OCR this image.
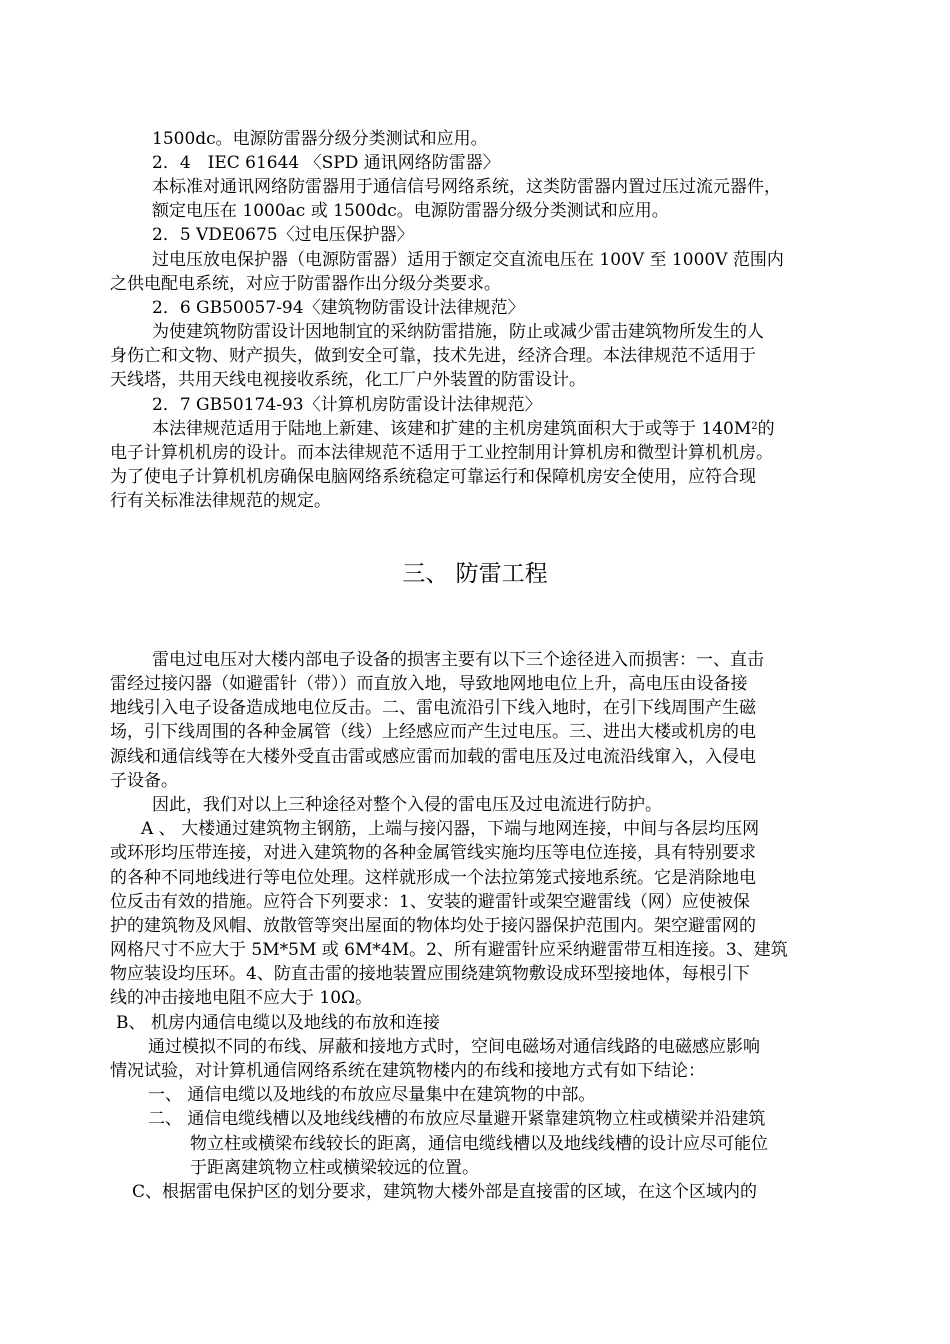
1500dc。电源防雷器分级分类测试和应用。
2．4　IEC 61644 〈SPD 通讯网络防雷器〉
本标准对通讯网络防雷器用于通信信号网络系统，这类防雷器内置过压过流元器件，
额定电压在 1000ac 或 1500dc。电源防雷器分级分类测试和应用。
2．5 VDE0675〈过电压保护器〉
过电压放电保护器（电源防雷器）适用于额定交直流电压在 100V 至 1000V 范围内
之供电配电系统，对应于防雷器作出分级分类要求。
2．6 GB50057-94〈建筑物防雷设计法律规范〉
为使建筑物防雷设计因地制宜的采纳防雷措施，防止或减少雷击建筑物所发生的人
身伤亡和文物、财产损失，做到安全可靠，技术先进，经济合理。本法律规范不适用于
天线塔，共用天线电视接收系统，化工厂户外装置的防雷设计。
2．7 GB50174-93〈计算机房防雷设计法律规范〉
本法律规范适用于陆地上新建、该建和扩建的主机房建筑面积大于或等于 $140M^2$的
电子计算机机房的设计。而本法律规范不适用于工业控制用计算机房和微型计算机机房。
为了使电子计算机机房确保电脑网络系统稳定可靠运行和保障机房安全使用，应符合现
行有关标准法律规范的规定。
三、 防雷工程
雷电过电压对大楼内部电子设备的损害主要有以下三个途径进入而损害：一、直击
雷经过接闪器（如避雷针（带））而直放入地，导致地网地电位上升，高电压由设备接
地线引入电子设备造成地电位反击。二、雷电流沿引下线入地时，在引下线周围产生磁
场，引下线周围的各种金属管（线）上经感应而产生过电压。三、进出大楼或机房的电
源线和通信线等在大楼外受直击雷或感应雷而加载的雷电压及过电流沿线窜入，入侵电
子设备。
因此，我们对以上三种途径对整个入侵的雷电压及过电流进行防护。
A 、 大楼通过建筑物主钢筋，上端与接闪器，下端与地网连接，中间与各层均压网
或环形均压带连接，对进入建筑物的各种金属管线实施均压等电位连接，具有特别要求
的各种不同地线进行等电位处理。这样就形成一个法拉第笼式接地系统。它是消除地电
位反击有效的措施。应符合下列要求：1、安装的避雷针或架空避雷线（网）应使被保
护的建筑物及风帽、放散管等突出屋面的物体均处于接闪器保护范围内。架空避雷网的
网格尺寸不应大于 5M*5M 或 6M*4M。2、所有避雷针应采纳避雷带互相连接。3、建筑
物应装设均压环。4、防直击雷的接地装置应围绕建筑物敷设成环型接地体，每根引下
线的冲击接地电阻不应大于 10Ω。
B、 机房内通信电缆以及地线的布放和连接
通过模拟不同的布线、屏蔽和接地方式时，空间电磁场对通信线路的电磁感应影响
情况试验，对计算机通信网络系统在建筑物楼内的布线和接地方式有如下结论：
一、 通信电缆以及地线的布放应尽量集中在建筑物的中部。
二、 通信电缆线槽以及地线线槽的布放应尽量避开紧靠建筑物立柱或横梁并沿建筑
物立柱或横梁布线较长的距离，通信电缆线槽以及地线线槽的设计应尽可能位
于距离建筑物立柱或横梁较远的位置。
C、根据雷电保护区的划分要求，建筑物大楼外部是直接雷的区域，在这个区域内的
